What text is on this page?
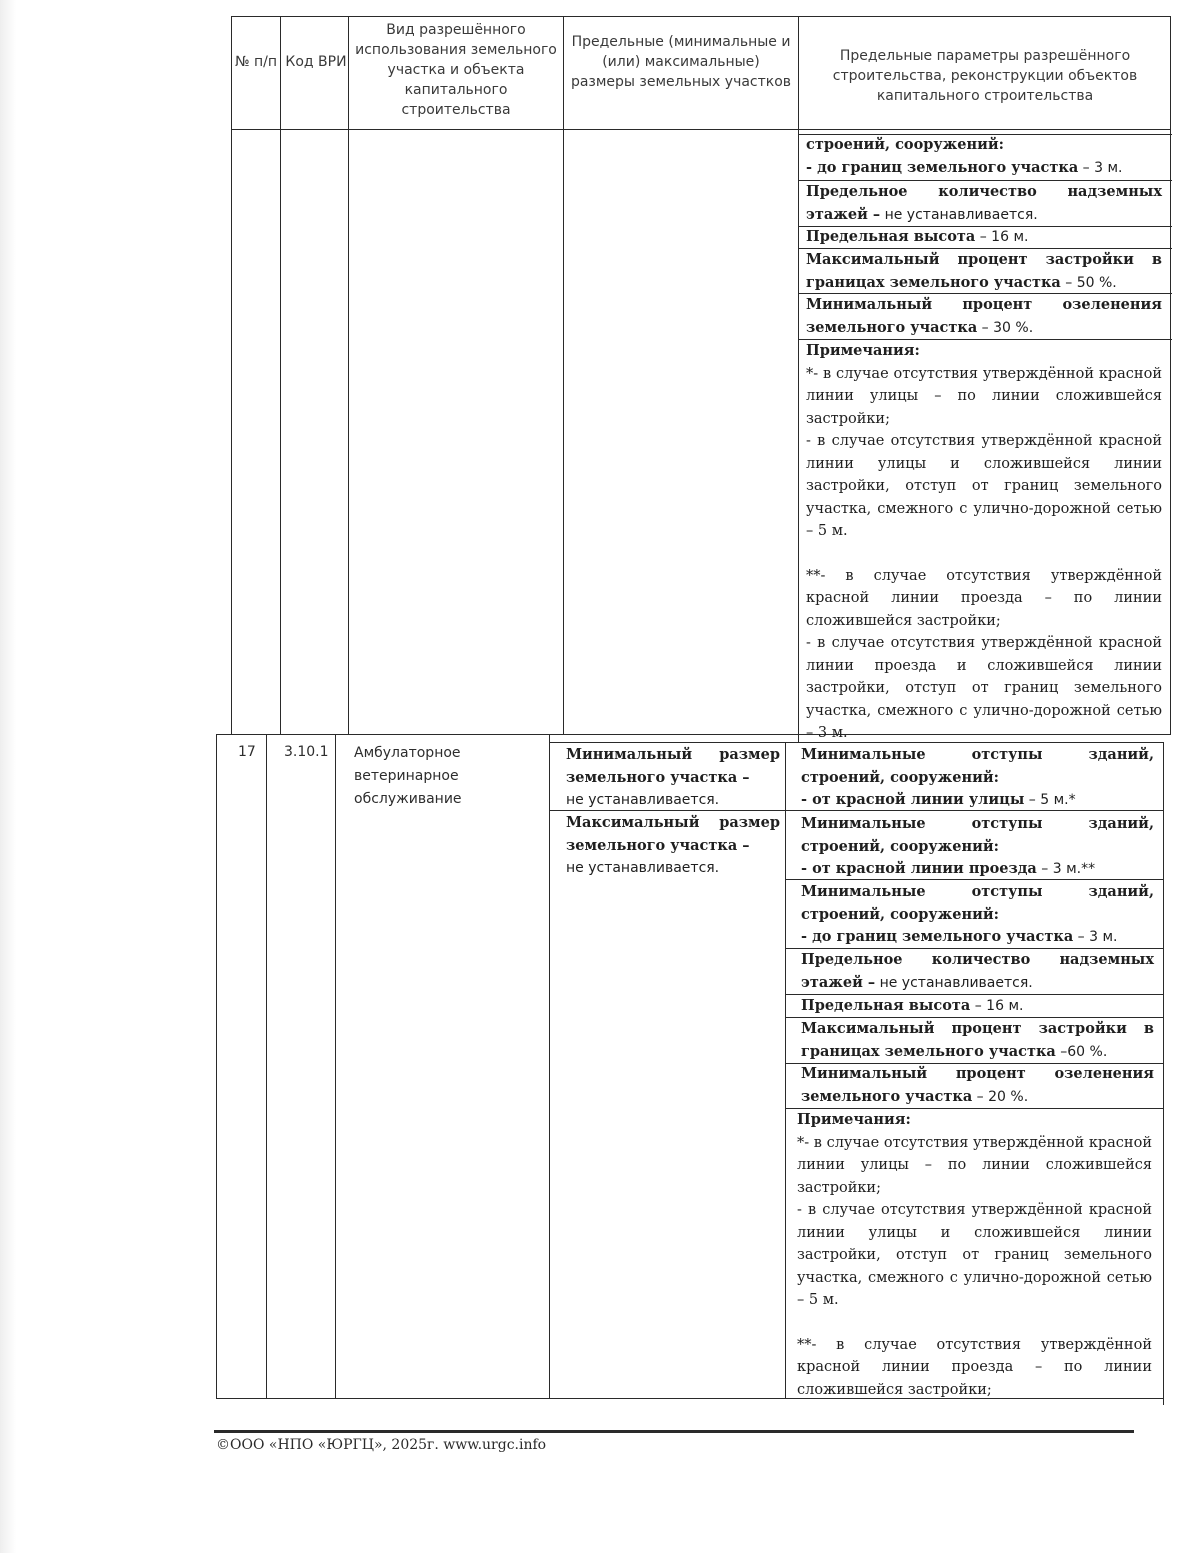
№ п/п Код ВРИ
Вид разрешённого использования земельного участка и объекта капитального строительства
Предельные (минимальные и (или) максимальные) размеры земельных участков
Предельные параметры разрешённого строительства, реконструкции объектов капитального строительства
строений, сооружений:
- до границ земельного участка – 3 м.
Предельное количество надземных этажей – не устанавливается.
Предельная высота – 16 м.
Максимальный процент застройки в границах земельного участка – 50 %.
Минимальный процент озеленения земельного участка – 30 %.
Примечания:
*- в случае отсутствия утверждённой красной линии улицы – по линии сложившейся застройки;
- в случае отсутствия утверждённой красной линии улицы и сложившейся линии застройки, отступ от границ земельного участка, смежного с улично-дорожной сетью – 5 м.
**- в случае отсутствия утверждённой красной линии проезда – по линии сложившейся застройки;
- в случае отсутствия утверждённой красной линии проезда и сложившейся линии застройки, отступ от границ земельного участка, смежного с улично-дорожной сетью – 3 м.
17 3.10.1 Амбулаторное ветеринарное обслуживание
Минимальный размер земельного участка –
не устанавливается.
Максимальный размер земельного участка –
не устанавливается.
Минимальные отступы зданий, строений, сооружений:
- от красной линии улицы – 5 м.*
Минимальные отступы зданий, строений, сооружений:
- от красной линии проезда – 3 м.**
Минимальные отступы зданий, строений, сооружений:
- до границ земельного участка – 3 м.
Предельное количество надземных этажей – не устанавливается.
Предельная высота – 16 м.
Максимальный процент застройки в границах земельного участка –60 %.
Минимальный процент озеленения земельного участка – 20 %.
Примечания:
*- в случае отсутствия утверждённой красной линии улицы – по линии сложившейся застройки;
- в случае отсутствия утверждённой красной линии улицы и сложившейся линии застройки, отступ от границ земельного участка, смежного с улично-дорожной сетью – 5 м.
**- в случае отсутствия утверждённой красной линии проезда – по линии сложившейся застройки;
©ООО «НПО «ЮРГЦ», 2025г. www.urgc.info
